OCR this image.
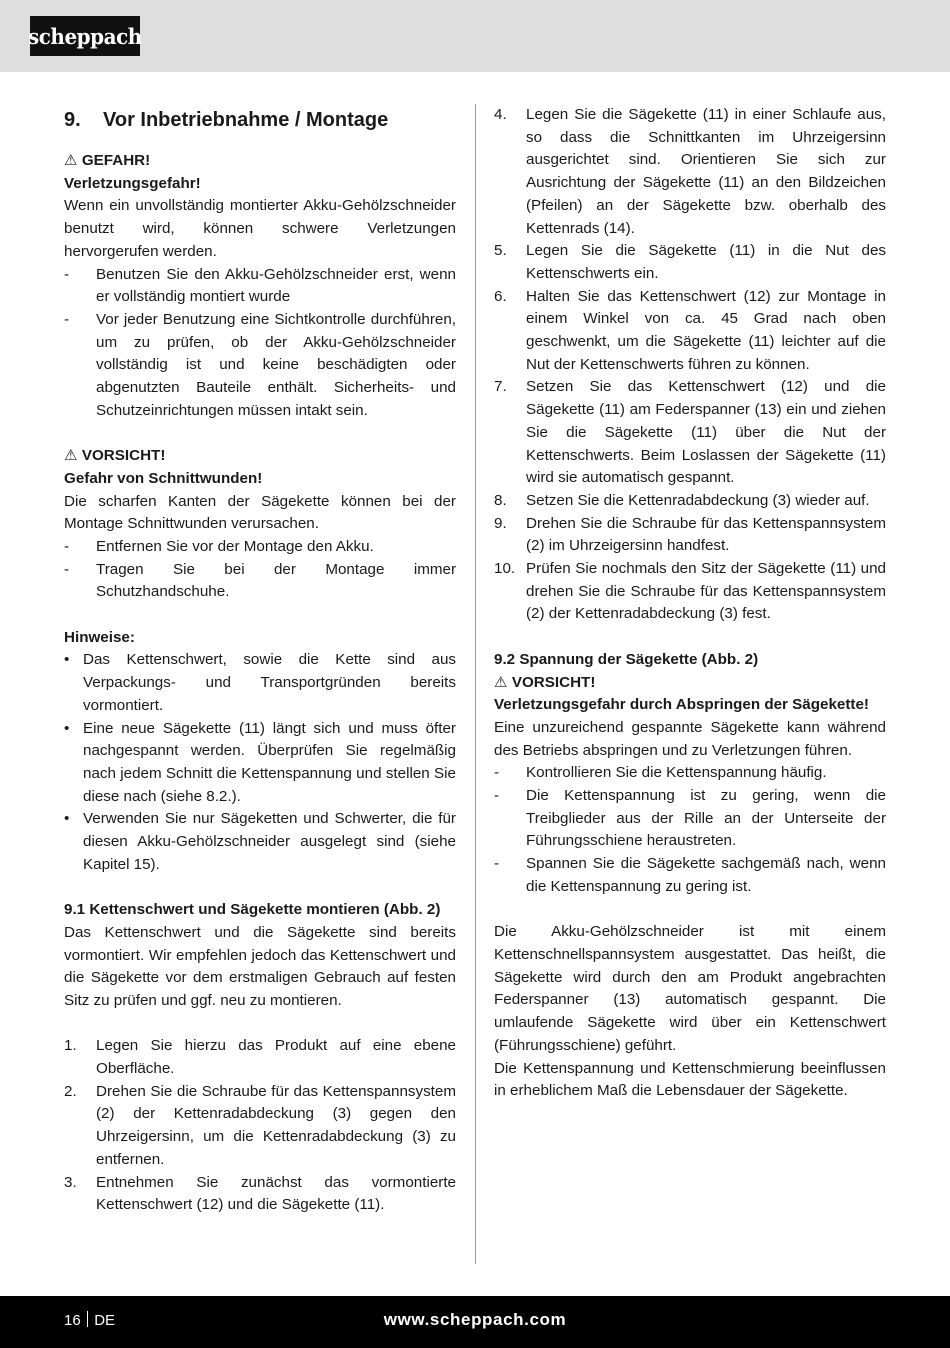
scheppach
9.	Vor Inbetriebnahme / Montage

⚠ GEFAHR!

Verletzungsgefahr!

Wenn ein unvollständig montierter Akku-Gehölzschneider benutzt wird, können schwere Verletzungen hervorgerufen werden.

-	Benutzen Sie den Akku-Gehölzschneider erst, wenn er vollständig montiert wurde
-	Vor jeder Benutzung eine Sichtkontrolle durchführen, um zu prüfen, ob der Akku-Gehölzschneider vollständig ist und keine beschädigten oder abgenutzten Bauteile enthält. Sicherheits- und Schutzeinrichtungen müssen intakt sein.

⚠ VORSICHT!

Gefahr von Schnittwunden!

Die scharfen Kanten der Sägekette können bei der Montage Schnittwunden verursachen.

-	Entfernen Sie vor der Montage den Akku.
-	Tragen Sie bei der Montage immer Schutzhandschuhe.

Hinweise:

• Das Kettenschwert, sowie die Kette sind aus Verpackungs- und Transportgründen bereits vormontiert.
• Eine neue Sägekette (11) längt sich und muss öfter nachgespannt werden. Überprüfen Sie regelmäßig nach jedem Schnitt die Kettenspannung und stellen Sie diese nach (siehe 8.2.).
• Verwenden Sie nur Sägeketten und Schwerter, die für diesen Akku-Gehölzschneider ausgelegt sind (siehe Kapitel 15).

9.1 Kettenschwert und Sägekette montieren (Abb. 2)

Das Kettenschwert und die Sägekette sind bereits vormontiert. Wir empfehlen jedoch das Kettenschwert und die Sägekette vor dem erstmaligen Gebrauch auf festen Sitz zu prüfen und ggf. neu zu montieren.

1.	Legen Sie hierzu das Produkt auf eine ebene Oberfläche.
2.	Drehen Sie die Schraube für das Kettenspannsystem (2) der Kettenradabdeckung (3) gegen den Uhrzeigersinn, um die Kettenradabdeckung (3) zu entfernen.
3.	Entnehmen Sie zunächst das vormontierte Kettenschwert (12) und die Sägekette (11).
4.	Legen Sie die Sägekette (11) in einer Schlaufe aus, so dass die Schnittkanten im Uhrzeigersinn ausgerichtet sind. Orientieren Sie sich zur Ausrichtung der Sägekette (11) an den Bildzeichen (Pfeilen) an der Sägekette bzw. oberhalb des Kettenrads (14).
5.	Legen Sie die Sägekette (11) in die Nut des Kettenschwerts ein.
6.	Halten Sie das Kettenschwert (12) zur Montage in einem Winkel von ca. 45 Grad nach oben geschwenkt, um die Sägekette (11) leichter auf die Nut der Kettenschwerts führen zu können.
7.	Setzen Sie das Kettenschwert (12) und die Sägekette (11) am Federspanner (13) ein und ziehen Sie die Sägekette (11) über die Nut der Kettenschwerts. Beim Loslassen der Sägekette (11) wird sie automatisch gespannt.
8.	Setzen Sie die Kettenradabdeckung (3) wieder auf.
9.	Drehen Sie die Schraube für das Kettenspannsystem (2) im Uhrzeigersinn handfest.
10. Prüfen Sie nochmals den Sitz der Sägekette (11) und drehen Sie die Schraube für das Kettenspannsystem (2) der Kettenradabdeckung (3) fest.

9.2 Spannung der Sägekette (Abb. 2)

⚠ VORSICHT!

Verletzungsgefahr durch Abspringen der Sägekette!

Eine unzureichend gespannte Sägekette kann während des Betriebs abspringen und zu Verletzungen führen.

-	Kontrollieren Sie die Kettenspannung häufig.
-	Die Kettenspannung ist zu gering, wenn die Treibglieder aus der Rille an der Unterseite der Führungsschiene heraustreten.
-	Spannen Sie die Sägekette sachgemäß nach, wenn die Kettenspannung zu gering ist.

Die Akku-Gehölzschneider ist mit einem Kettenschnellspannsystem ausgestattet. Das heißt, die Sägekette wird durch den am Produkt angebrachten Federspanner (13) automatisch gespannt. Die umlaufende Sägekette wird über ein Kettenschwert (Führungsschiene) geführt.

Die Kettenspannung und Kettenschmierung beeinflussen in erheblichem Maß die Lebensdauer der Sägekette.

16 DE	www.scheppach.com
